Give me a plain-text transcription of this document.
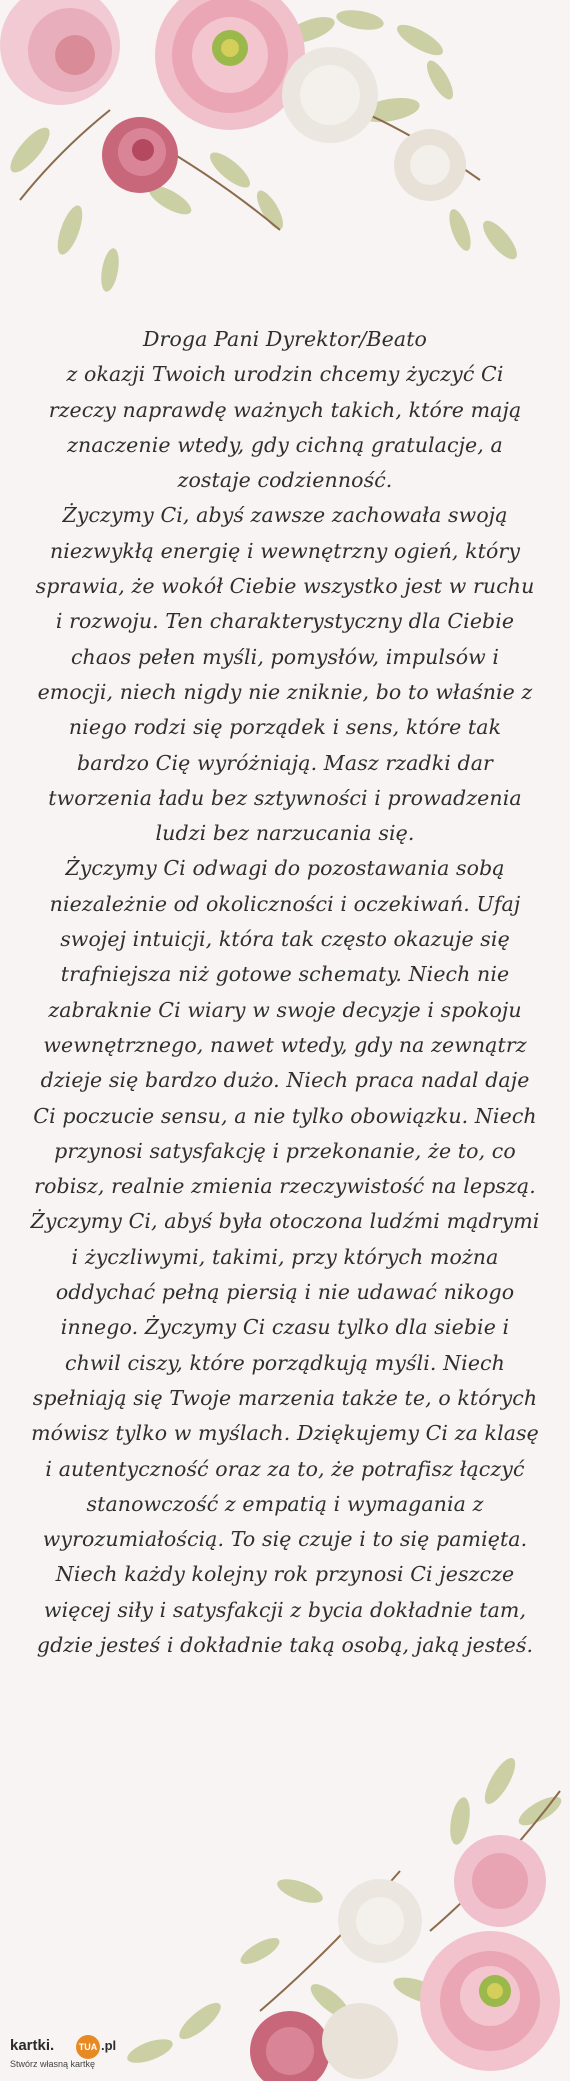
Droga Pani Dyrektor/Beato

z okazji Twoich urodzin chcemy życzyć Ci rzeczy naprawdę ważnych takich, które mają znaczenie wtedy, gdy cichną gratulacje, a zostaje codzienność.

Życzymy Ci, abyś zawsze zachowała swoją niezwykłą energię i wewnętrzny ogień, który sprawia, że wokół Ciebie wszystko jest w ruchu i rozwoju. Ten charakterystyczny dla Ciebie chaos pełen myśli, pomysłów, impulsów i emocji, niech nigdy nie zniknie, bo to właśnie z niego rodzi się porządek i sens, które tak bardzo Cię wyróżniają. Masz rzadki dar tworzenia ładu bez sztywności i prowadzenia ludzi bez narzucania się.

Życzymy Ci odwagi do pozostawania sobą niezależnie od okoliczności i oczekiwań. Ufaj swojej intuicji, która tak często okazuje się trafniejsza niż gotowe schematy. Niech nie zabraknie Ci wiary w swoje decyzje i spokoju wewnętrznego, nawet wtedy, gdy na zewnątrz dzieje się bardzo dużo. Niech praca nadal daje Ci poczucie sensu, a nie tylko obowiązku. Niech przynosi satysfakcję i przekonanie, że to, co robisz, realnie zmienia rzeczywistość na lepszą. Życzymy Ci, abyś była otoczona ludźmi mądrymi i życzliwymi, takimi, przy których można oddychać pełną piersią i nie udawać nikogo innego. Życzymy Ci czasu tylko dla siebie i chwil ciszy, które porządkują myśli. Niech spełniają się Twoje marzenia także te, o których mówisz tylko w myślach. Dziękujemy Ci za klasę i autentyczność oraz za to, że potrafisz łączyć stanowczość z empatią i wymagania z wyrozumiałością. To się czuje i to się pamięta. Niech każdy kolejny rok przynosi Ci jeszcze więcej siły i satysfakcji z bycia dokładnie tam, gdzie jesteś i dokładnie taką osobą, jaką jesteś.

kartki.	TUA .pl
Stwórz własną kartkę
